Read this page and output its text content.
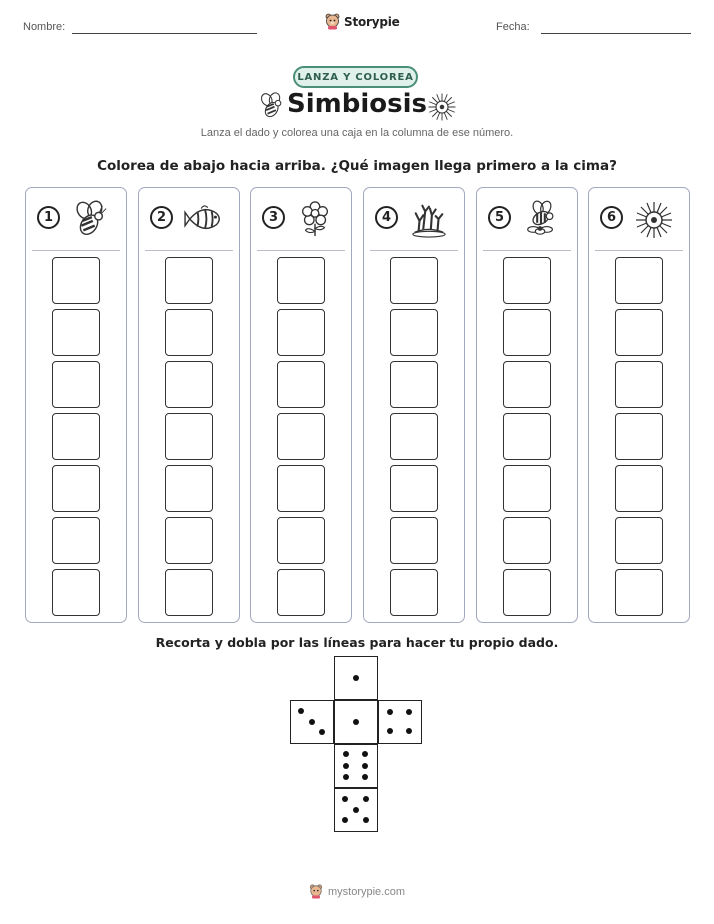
Nombre:	Storypie	Fecha:
LANZA Y COLOREA
Simbiosis
Lanza el dado y colorea una caja en la columna de ese número.
Colorea de abajo hacia arriba. ¿Qué imagen llega primero a la cima?
1	2	3	4	5	6
Recorta y dobla por las líneas para hacer tu propio dado.
mystorypie.com
